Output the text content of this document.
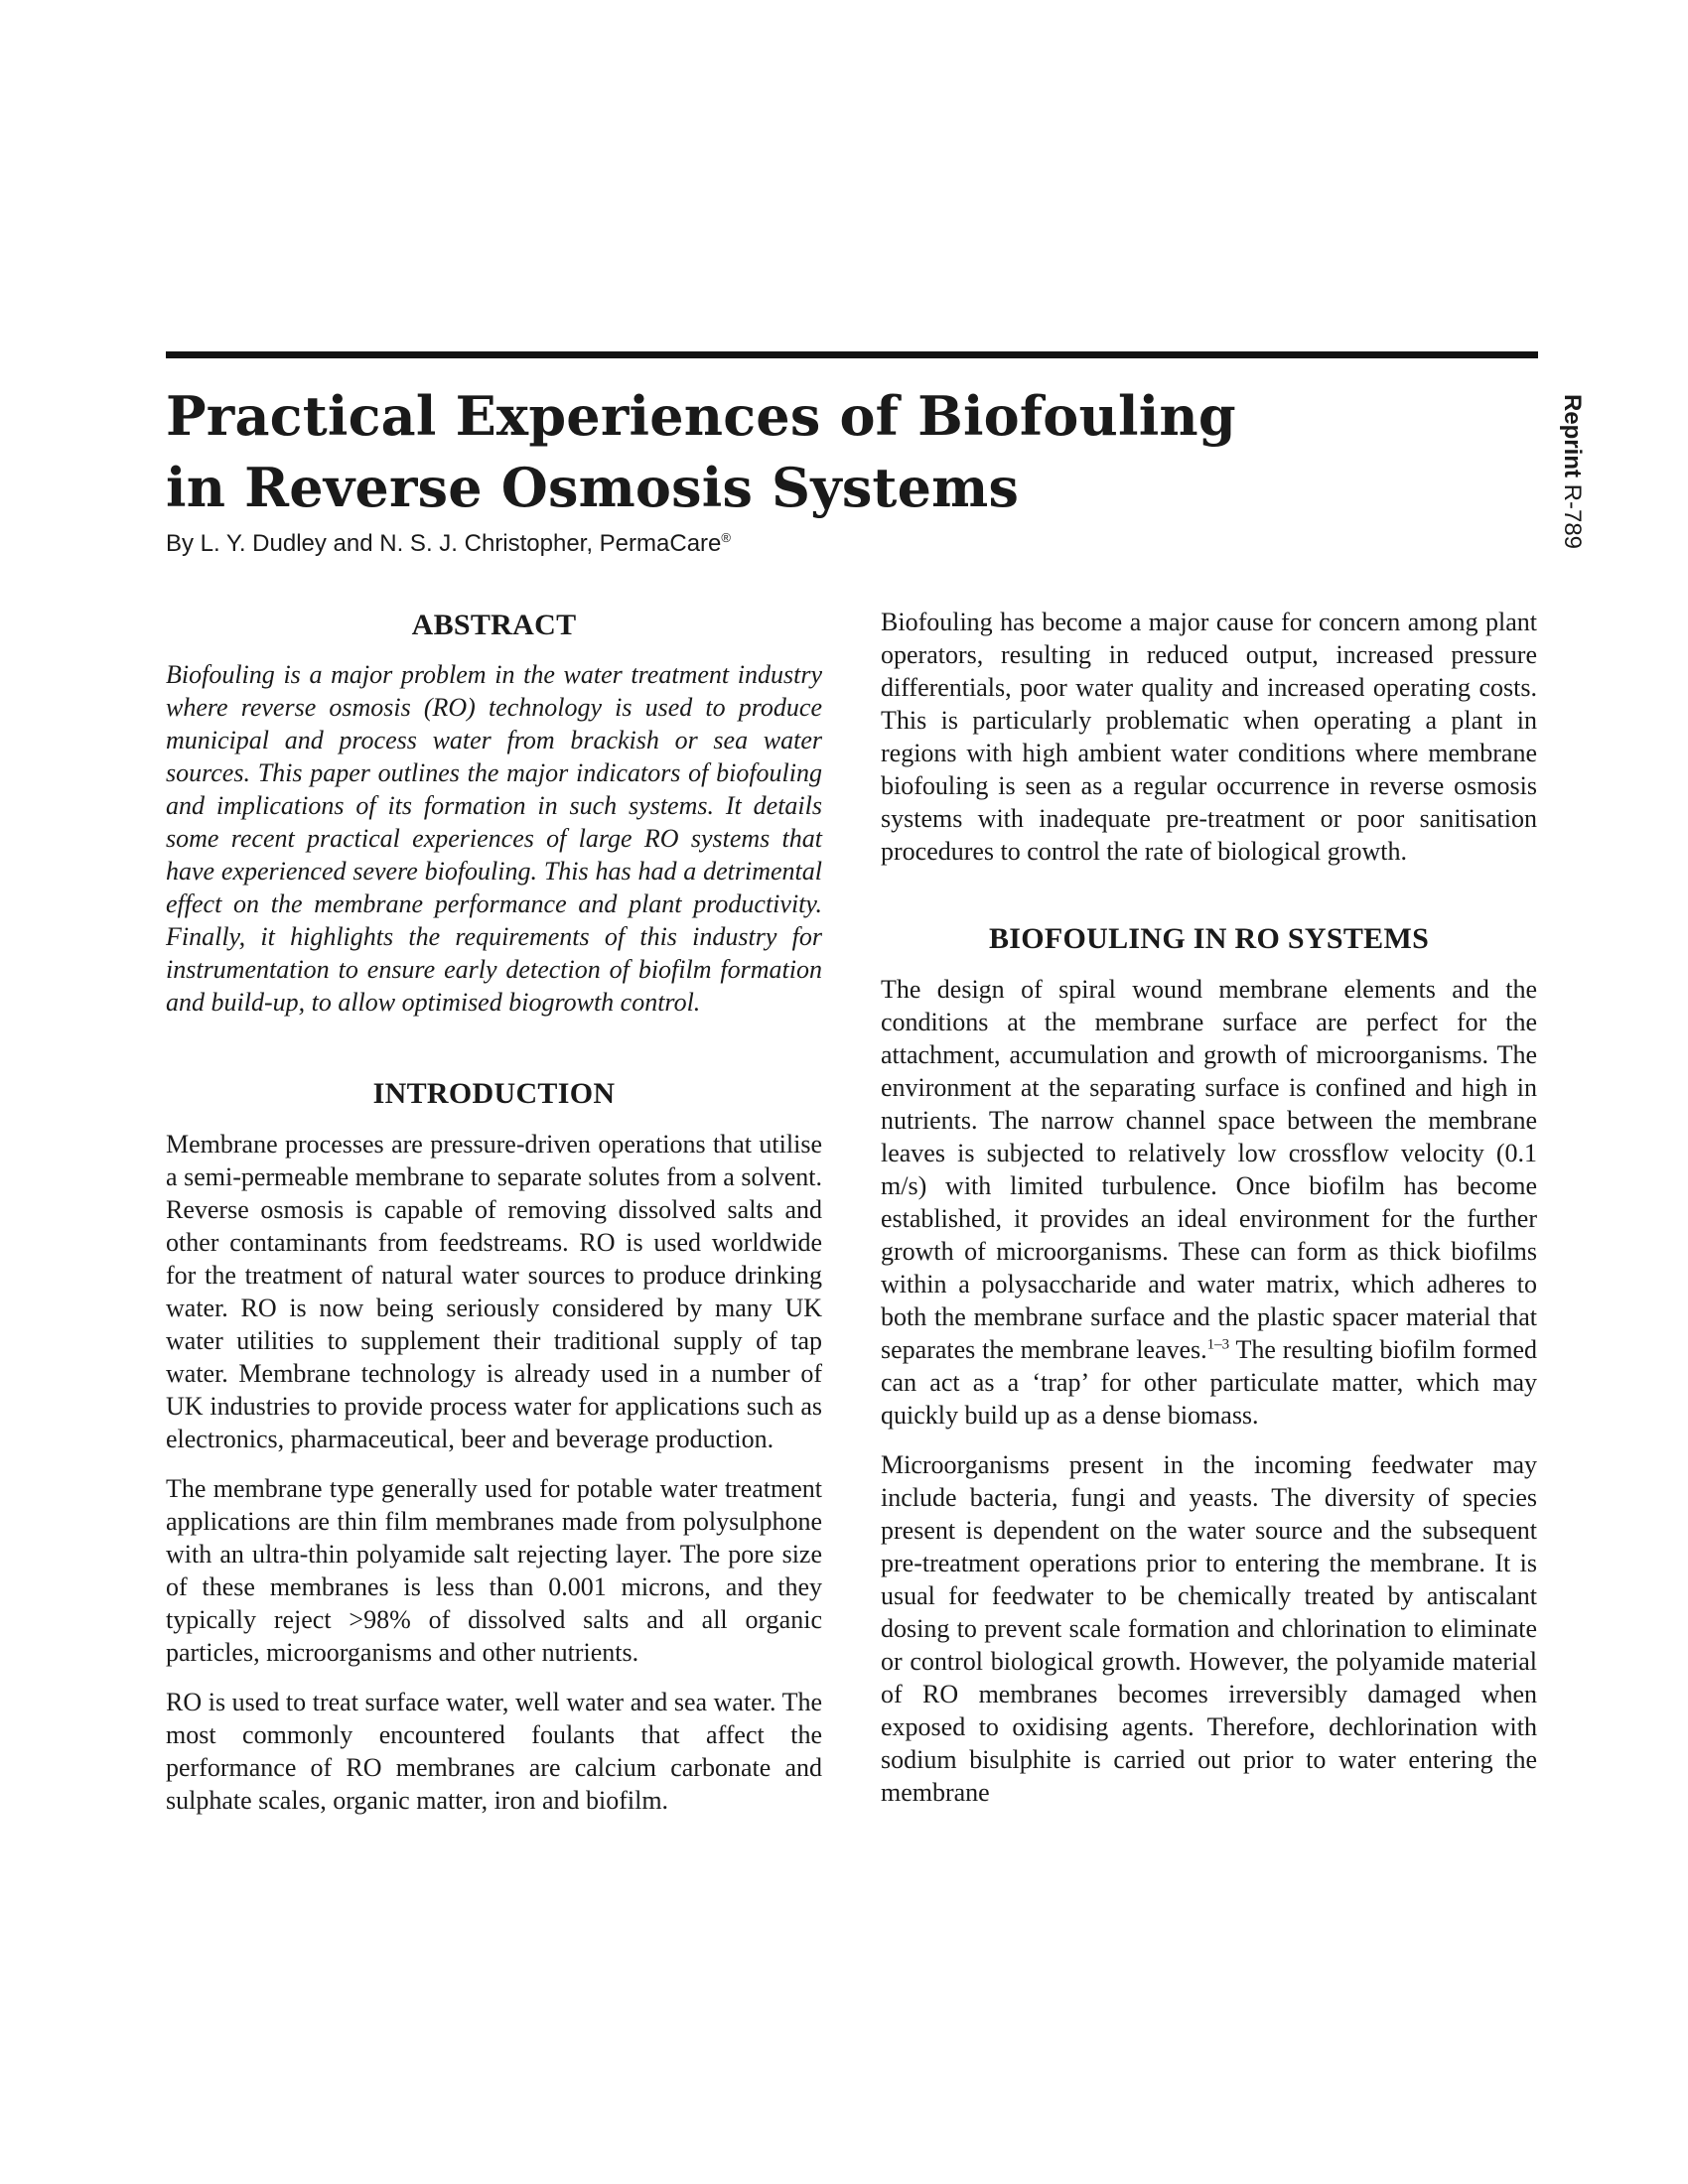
Practical Experiences of Biofouling
in Reverse Osmosis Systems
By L. Y. Dudley and N. S. J. Christopher, PermaCare®
Reprint R-789
ABSTRACT

Biofouling is a major problem in the water treatment industry where reverse osmosis (RO) technology is used to produce municipal and process water from brackish or sea water sources. This paper outlines the major indicators of biofouling and implications of its formation in such systems. It details some recent practical experiences of large RO systems that have experienced severe biofouling. This has had a detrimental effect on the membrane performance and plant productivity. Finally, it highlights the requirements of this industry for instrumentation to ensure early detection of biofilm formation and build-up, to allow optimised biogrowth control.

INTRODUCTION

Membrane processes are pressure-driven operations that utilise a semi-permeable membrane to separate solutes from a solvent. Reverse osmosis is capable of removing dissolved salts and other contaminants from feedstreams. RO is used worldwide for the treatment of natural water sources to produce drinking water. RO is now being seriously considered by many UK water utilities to supplement their traditional supply of tap water. Membrane technology is already used in a number of UK industries to provide process water for applications such as electronics, pharmaceutical, beer and beverage production.

The membrane type generally used for potable water treatment applications are thin film membranes made from polysulphone with an ultra-thin polyamide salt rejecting layer. The pore size of these membranes is less than 0.001 microns, and they typically reject >98% of dissolved salts and all organic particles, microorganisms and other nutrients.

RO is used to treat surface water, well water and sea water. The most commonly encountered foulants that affect the performance of RO membranes are calcium carbonate and sulphate scales, organic matter, iron and biofilm.

Biofouling has become a major cause for concern among plant operators, resulting in reduced output, increased pressure differentials, poor water quality and increased operating costs. This is particularly problematic when operating a plant in regions with high ambient water conditions where membrane biofouling is seen as a regular occurrence in reverse osmosis systems with inadequate pre-treatment or poor sanitisation procedures to control the rate of biological growth.

BIOFOULING IN RO SYSTEMS

The design of spiral wound membrane elements and the conditions at the membrane surface are perfect for the attachment, accumulation and growth of microorganisms. The environment at the separating surface is confined and high in nutrients. The narrow channel space between the membrane leaves is subjected to relatively low crossflow velocity (0.1 m/s) with limited turbulence. Once biofilm has become established, it provides an ideal environment for the further growth of microorganisms. These can form as thick biofilms within a polysaccharide and water matrix, which adheres to both the membrane surface and the plastic spacer material that separates the membrane leaves.$^{1-3}$ The resulting biofilm formed can act as a ‘trap’ for other particulate matter, which may quickly build up as a dense biomass.

Microorganisms present in the incoming feedwater may include bacteria, fungi and yeasts. The diversity of species present is dependent on the water source and the subsequent pre-treatment operations prior to entering the membrane. It is usual for feedwater to be chemically treated by antiscalant dosing to prevent scale formation and chlorination to eliminate or control biological growth. However, the polyamide material of RO membranes becomes irreversibly damaged when exposed to oxidising agents. Therefore, dechlorination with sodium bisulphite is carried out prior to water entering the membrane
